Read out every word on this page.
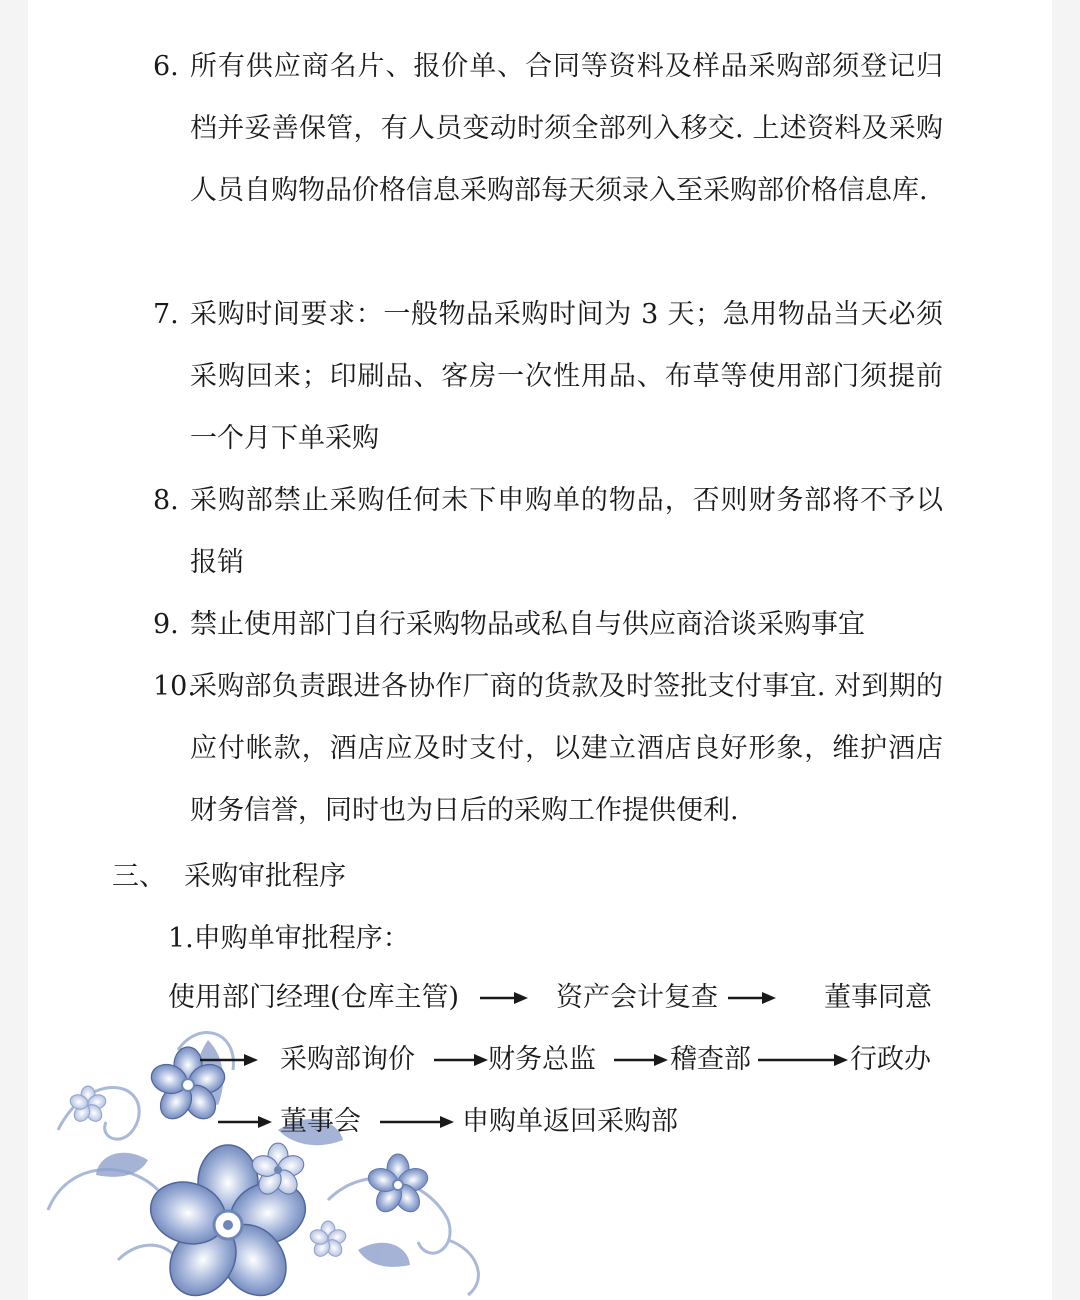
6. 所有供应商名片、报价单、合同等资料及样品采购部须登记归档并妥善保管，有人员变动时须全部列入移交. 上述资料及采购人员自购物品价格信息采购部每天须录入至采购部价格信息库.
7. 采购时间要求：一般物品采购时间为 3 天；急用物品当天必须采购回来；印刷品、客房一次性用品、布草等使用部门须提前一个月下单采购
8. 采购部禁止采购任何未下申购单的物品，否则财务部将不予以报销
9. 禁止使用部门自行采购物品或私自与供应商洽谈采购事宜
10.
采购部负责跟进各协作厂商的货款及时签批支付事宜. 对到期的应付帐款，酒店应及时支付，以建立酒店良好形象，维护酒店财务信誉，同时也为日后的采购工作提供便利.
三、 采购审批程序
1.申购单审批程序：
使用部门经理(仓库主管)	资产会计复查	董事同意
采购部询价	财务总监	稽查部	行政办
董事会	申购单返回采购部
